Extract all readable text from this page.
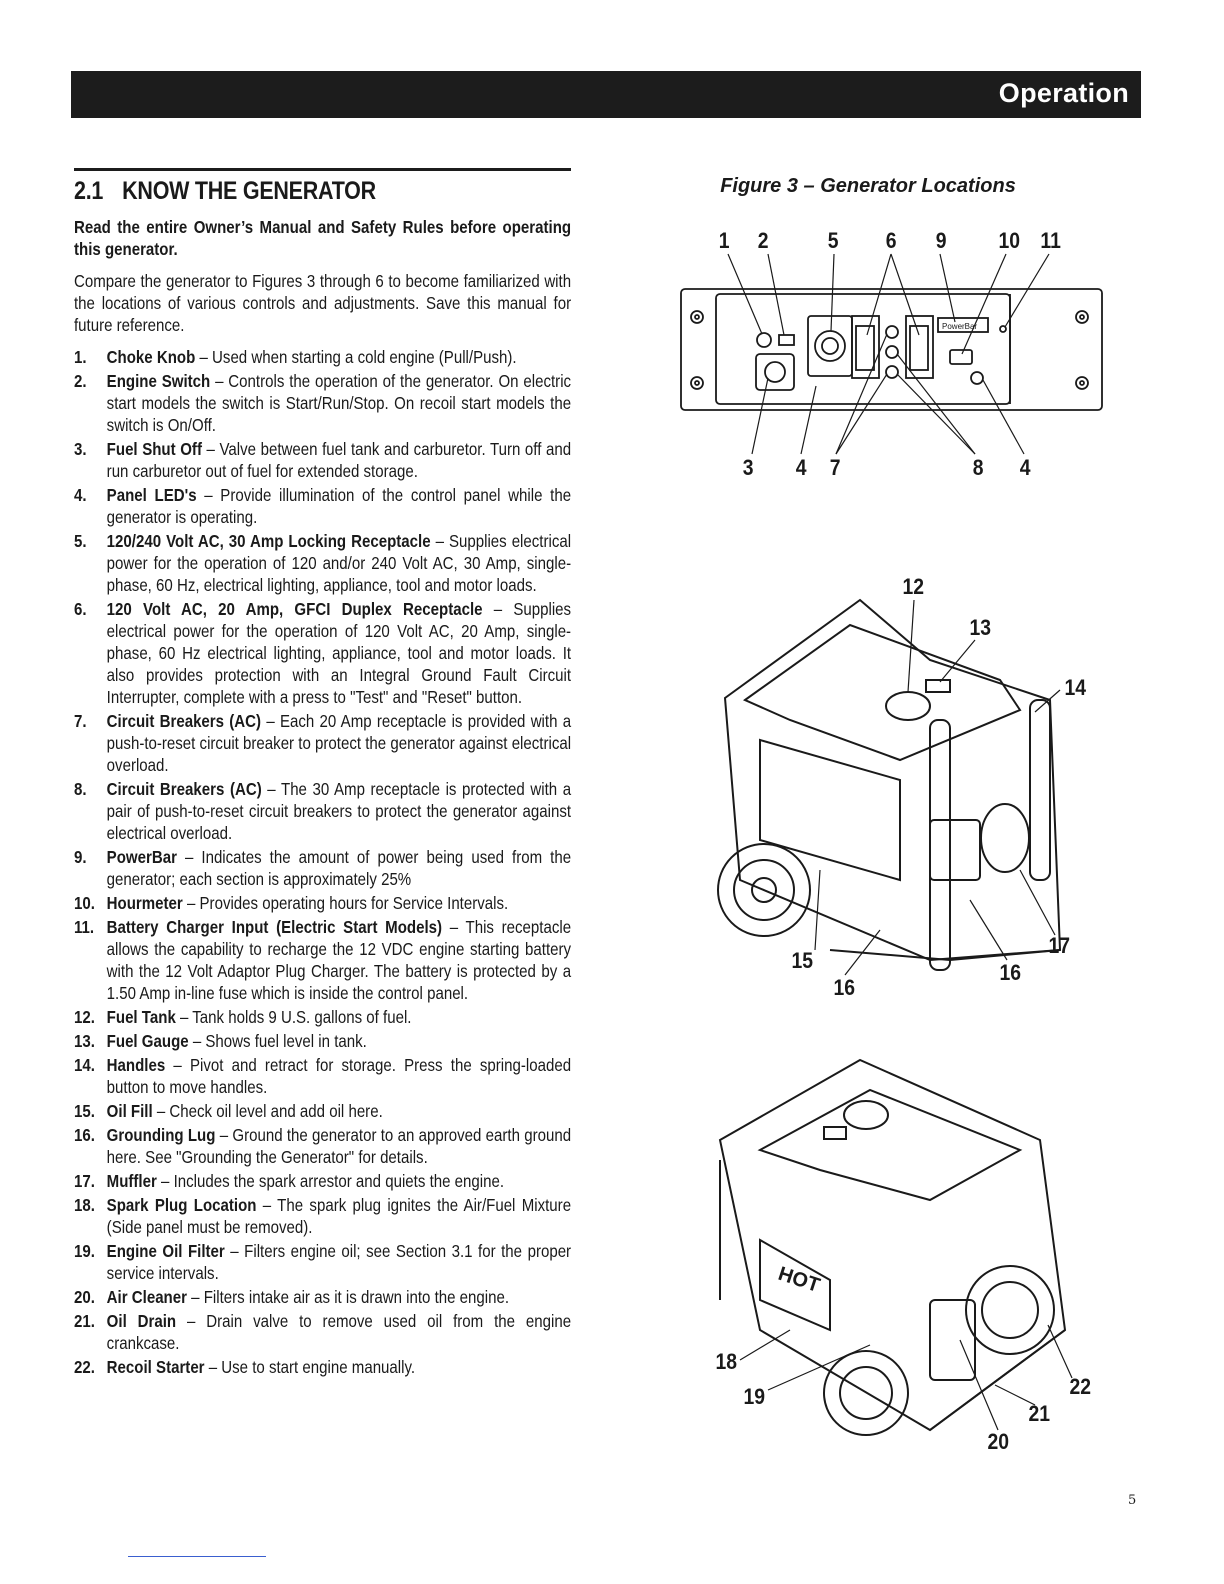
Operation
2.1 KNOW THE GENERATOR
Read the entire Owner’s Manual and Safety Rules before operating this generator.
Compare the generator to Figures 3 through 6 to become familiarized with the locations of various controls and adjustments. Save this manual for future reference.
1. Choke Knob – Used when starting a cold engine (Pull/Push).
2. Engine Switch – Controls the operation of the generator. On electric start models the switch is Start/Run/Stop. On recoil start models the switch is On/Off.
3. Fuel Shut Off – Valve between fuel tank and carburetor. Turn off and run carburetor out of fuel for extended storage.
4. Panel LED's – Provide illumination of the control panel while the generator is operating.
5. 120/240 Volt AC, 30 Amp Locking Receptacle – Supplies electrical power for the operation of 120 and/or 240 Volt AC, 30 Amp, single-phase, 60 Hz, electrical lighting, appliance, tool and motor loads.
6. 120 Volt AC, 20 Amp, GFCI Duplex Receptacle – Supplies electrical power for the operation of 120 Volt AC, 20 Amp, single-phase, 60 Hz electrical lighting, appliance, tool and motor loads. It also provides protection with an Integral Ground Fault Circuit Interrupter, complete with a press to "Test" and "Reset" button.
7. Circuit Breakers (AC) – Each 20 Amp receptacle is provided with a push-to-reset circuit breaker to protect the generator against electrical overload.
8. Circuit Breakers (AC) – The 30 Amp receptacle is protected with a pair of push-to-reset circuit breakers to protect the generator against electrical overload.
9. PowerBar – Indicates the amount of power being used from the generator; each section is approximately 25%
10. Hourmeter – Provides operating hours for Service Intervals.
11. Battery Charger Input (Electric Start Models) – This receptacle allows the capability to recharge the 12 VDC engine starting battery with the 12 Volt Adaptor Plug Charger. The battery is protected by a 1.50 Amp in-line fuse which is inside the control panel.
12. Fuel Tank – Tank holds 9 U.S. gallons of fuel.
13. Fuel Gauge – Shows fuel level in tank.
14. Handles – Pivot and retract for storage. Press the spring-loaded button to move handles.
15. Oil Fill – Check oil level and add oil here.
16. Grounding Lug – Ground the generator to an approved earth ground here. See "Grounding the Generator" for details.
17. Muffler – Includes the spark arrestor and quiets the engine.
18. Spark Plug Location – The spark plug ignites the Air/Fuel Mixture (Side panel must be removed).
19. Engine Oil Filter – Filters engine oil; see Section 3.1 for the proper service intervals.
20. Air Cleaner – Filters intake air as it is drawn into the engine.
21. Oil Drain – Drain valve to remove used oil from the engine crankcase.
22. Recoil Starter – Use to start engine manually.
Figure 3 – Generator Locations
PowerBar
HOT
1 2	5 6 9 10 11
3 4 7	8 4
12
13
14
15
16
16
17
18
19
20
21
22
5
